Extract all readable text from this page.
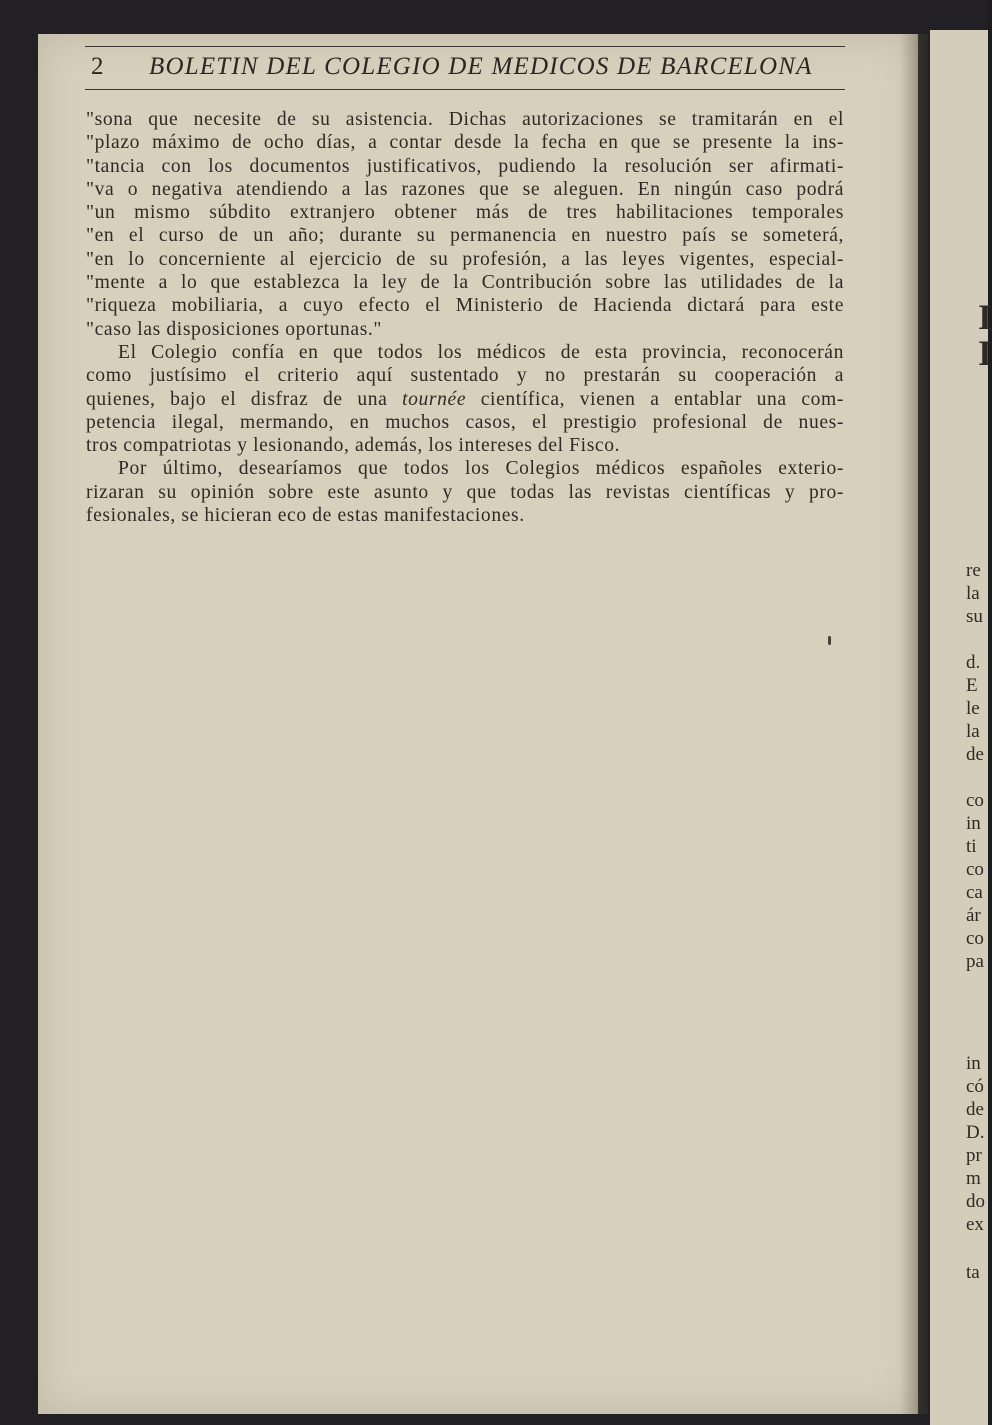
2 BOLETIN DEL COLEGIO DE MEDICOS DE BARCELONA
"sona que necesite de su asistencia. Dichas autorizaciones se tramitarán en el
"plazo máximo de ocho días, a contar desde la fecha en que se presente la ins-
"tancia con los documentos justificativos, pudiendo la resolución ser afirmati-
"va o negativa atendiendo a las razones que se aleguen. En ningún caso podrá
"un mismo súbdito extranjero obtener más de tres habilitaciones temporales
"en el curso de un año; durante su permanencia en nuestro país se someterá,
"en lo concerniente al ejercicio de su profesión, a las leyes vigentes, especial-
"mente a lo que establezca la ley de la Contribución sobre las utilidades de la
"riqueza mobiliaria, a cuyo efecto el Ministerio de Hacienda dictará para este
"caso las disposiciones oportunas."
El Colegio confía en que todos los médicos de esta provincia, reconocerán
como justísimo el criterio aquí sustentado y no prestarán su cooperación a
quienes, bajo el disfraz de una tournée científica, vienen a entablar una com-
petencia ilegal, mermando, en muchos casos, el prestigio profesional de nues-
tros compatriotas y lesionando, además, los intereses del Fisco.
Por último, desearíamos que todos los Colegios médicos españoles exterio-
rizaran su opinión sobre este asunto y que todas las revistas científicas y pro-
fesionales, se hicieran eco de estas manifestaciones.
I
I
re
la
su
d.
E
le
la
de
co
in
ti
co
ca
ár
co
pa
in
có
de
D.
pr
m
do
ex
ta
